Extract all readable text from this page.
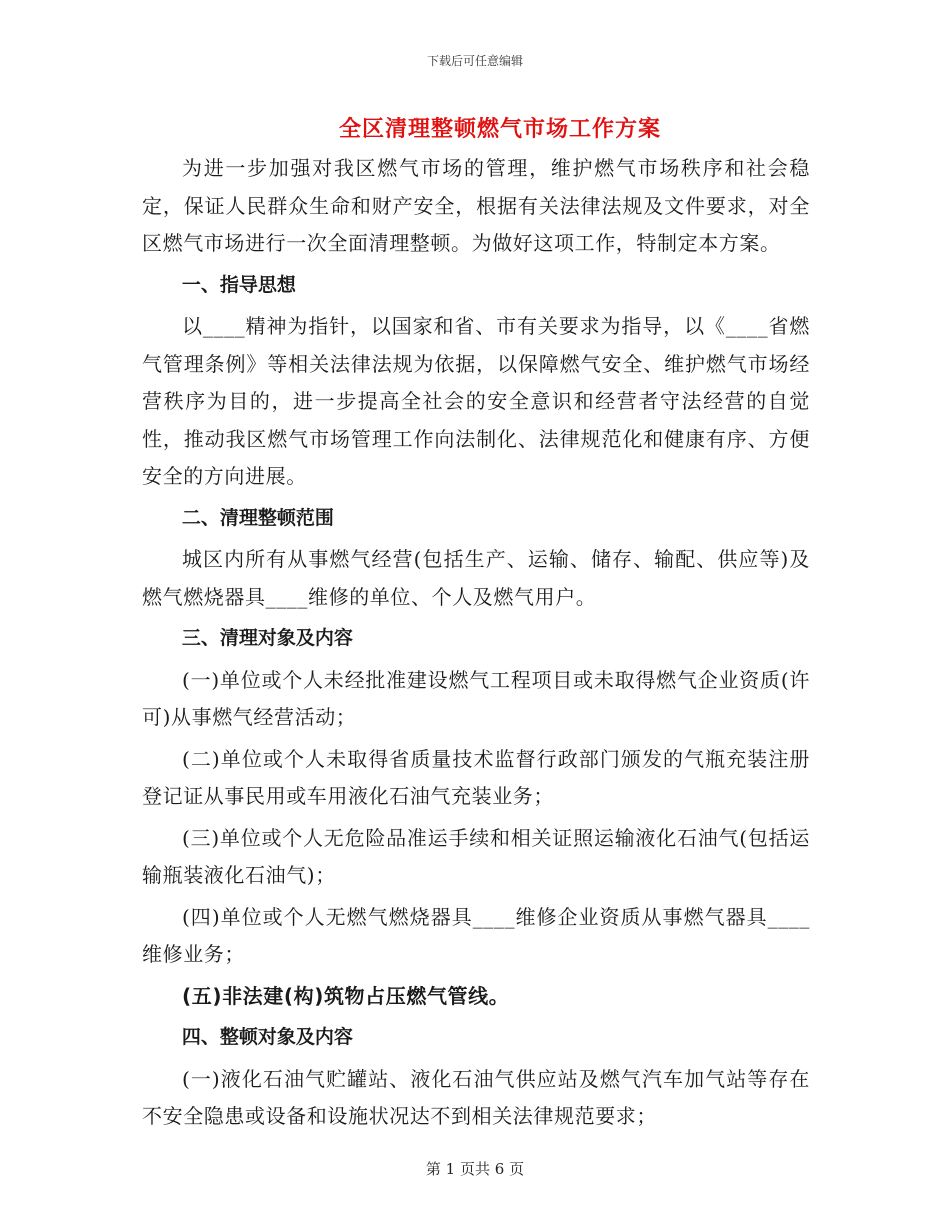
下载后可任意编辑
全区清理整顿燃气市场工作方案

为进一步加强对我区燃气市场的管理，维护燃气市场秩序和社会稳定，保证人民群众生命和财产安全，根据有关法律法规及文件要求，对全区燃气市场进行一次全面清理整顿。为做好这项工作，特制定本方案。

一、指导思想

以____精神为指针，以国家和省、市有关要求为指导，以《____省燃气管理条例》等相关法律法规为依据，以保障燃气安全、维护燃气市场经营秩序为目的，进一步提高全社会的安全意识和经营者守法经营的自觉性，推动我区燃气市场管理工作向法制化、法律规范化和健康有序、方便安全的方向进展。

二、清理整顿范围

城区内所有从事燃气经营(包括生产、运输、储存、输配、供应等)及燃气燃烧器具____维修的单位、个人及燃气用户。

三、清理对象及内容

(一)单位或个人未经批准建设燃气工程项目或未取得燃气企业资质(许可)从事燃气经营活动；

(二)单位或个人未取得省质量技术监督行政部门颁发的气瓶充装注册登记证从事民用或车用液化石油气充装业务；

(三)单位或个人无危险品准运手续和相关证照运输液化石油气(包括运输瓶装液化石油气)；

(四)单位或个人无燃气燃烧器具____维修企业资质从事燃气器具____维修业务；

(五)非法建(构)筑物占压燃气管线。

四、整顿对象及内容

(一)液化石油气贮罐站、液化石油气供应站及燃气汽车加气站等存在不安全隐患或设备和设施状况达不到相关法律规范要求；

第 1 页共 6 页
